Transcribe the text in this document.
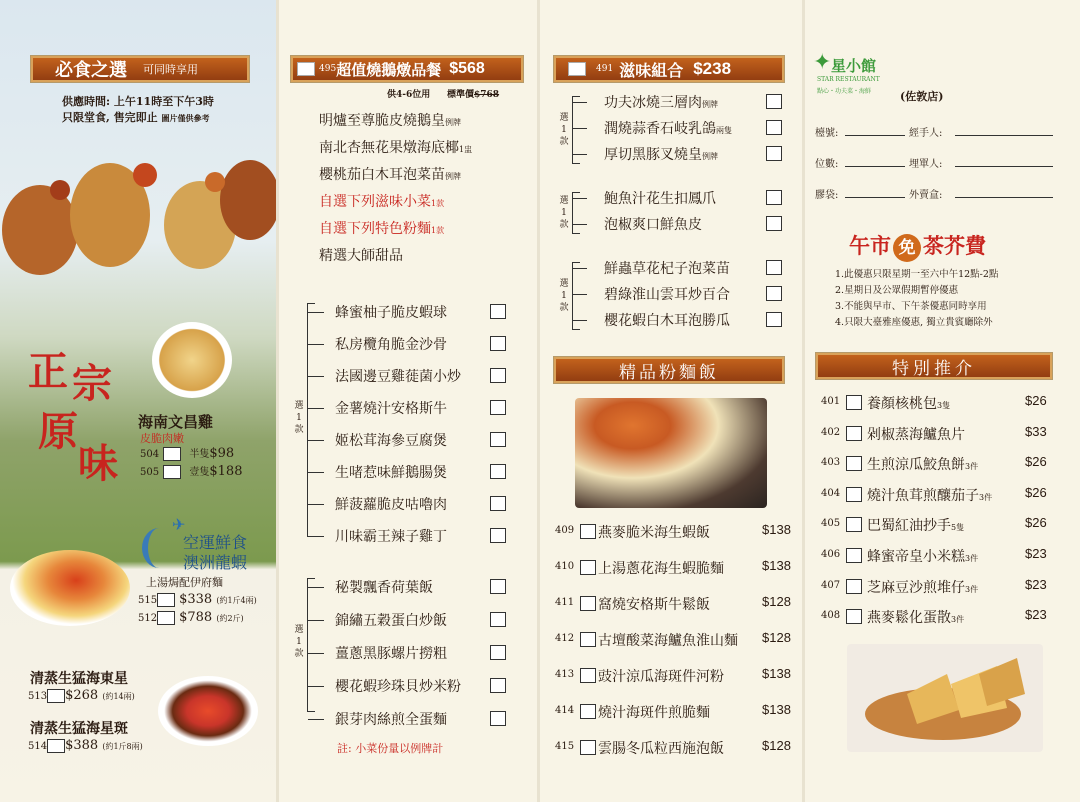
必食之選 可同時享用
供應時間: 上午11時至下午3時
只限堂食, 售完即止 圖片僅供參考
正 宗
原
味
海南文昌雞
皮脆肉嫩
504	半隻$98
505	壹隻$188
✈
空運鮮食
澳洲龍蝦
上湯焗配伊府麵
515 $338 (約1斤4兩)
512 $788 (約2斤)
清蒸生猛海東星
513 $268 (約14兩)
清蒸生猛海星斑
514 $388 (約1斤8兩)
495 超值燒鵝燉品餐 $568
供4-6位用 標準價$768
明爐至尊脆皮燒鵝皇例牌
南北杏無花果燉海底椰1盅
櫻桃茄白木耳泡菜苗例牌
自選下列滋味小菜1款
自選下列特色粉麵1款
精選大師甜品
選1款
蜂蜜柚子脆皮蝦球
私房欖角脆金沙骨
法國邊豆雞蓰菌小炒
金薯燒汁安格斯牛
姬松茸海參豆腐煲
生啫惹味鮮鵝腸煲
鮮菠蘿脆皮咕嚕肉
川味霸王辣子雞丁
選1款
秘製飄香荷葉飯
錦繡五穀蛋白炒飯
薑蔥黑豚螺片撈粗
櫻花蝦珍珠貝炒米粉
銀芽肉絲煎全蛋麵
註: 小菜份量以例牌計
491 滋味組合 $238
選1款
功夫冰燒三層肉例牌
潤燒蒜香石岐乳鴿兩隻
厚切黑豚叉燒皇例牌
選1款
鮑魚汁花生扣鳳爪
泡椒爽口鮮魚皮
選1款
鮮蟲草花杞子泡菜苗
碧綠淮山雲耳炒百合
櫻花蝦白木耳泡勝瓜
精品粉麵飯
409 燕麥脆米海生蝦飯	$138
410 上湯蔥花海生蝦脆麵	$138
411 窩燒安格斯牛鬆飯	$128
412 古壇酸菜海鱸魚淮山麵 $128
413 豉汁涼瓜海斑件河粉	$138
414 燒汁海斑件煎脆麵	$138
415 雲腸冬瓜粒西施泡飯	$128
✦ 星小館
STAR RESTAURANT
點心・功夫菜・海鮮	(佐敦店)
檯號:	經手人:
位數:	埋單人:
膠袋:	外賣盒:
午市 免 茶芥費
1.此優惠只限星期一至六中午12點-2點
2.星期日及公眾假期暫停優惠
3.不能與早市、下午茶優惠同時享用
4.只限大臺雅座優惠, 獨立貴賓廳除外
特別推介
401 養顏核桃包3隻	$26
402 剁椒蒸海鱸魚片	$33
403 生煎涼瓜鮫魚餅3件	$26
404 燒汁魚茸煎釀茄子3件	$26
405 巴蜀紅油抄手5隻	$26
406 蜂蜜帝皇小米糕3件	$23
407 芝麻豆沙煎堆仔3件	$23
408 燕麥鬆化蛋散3件	$23
